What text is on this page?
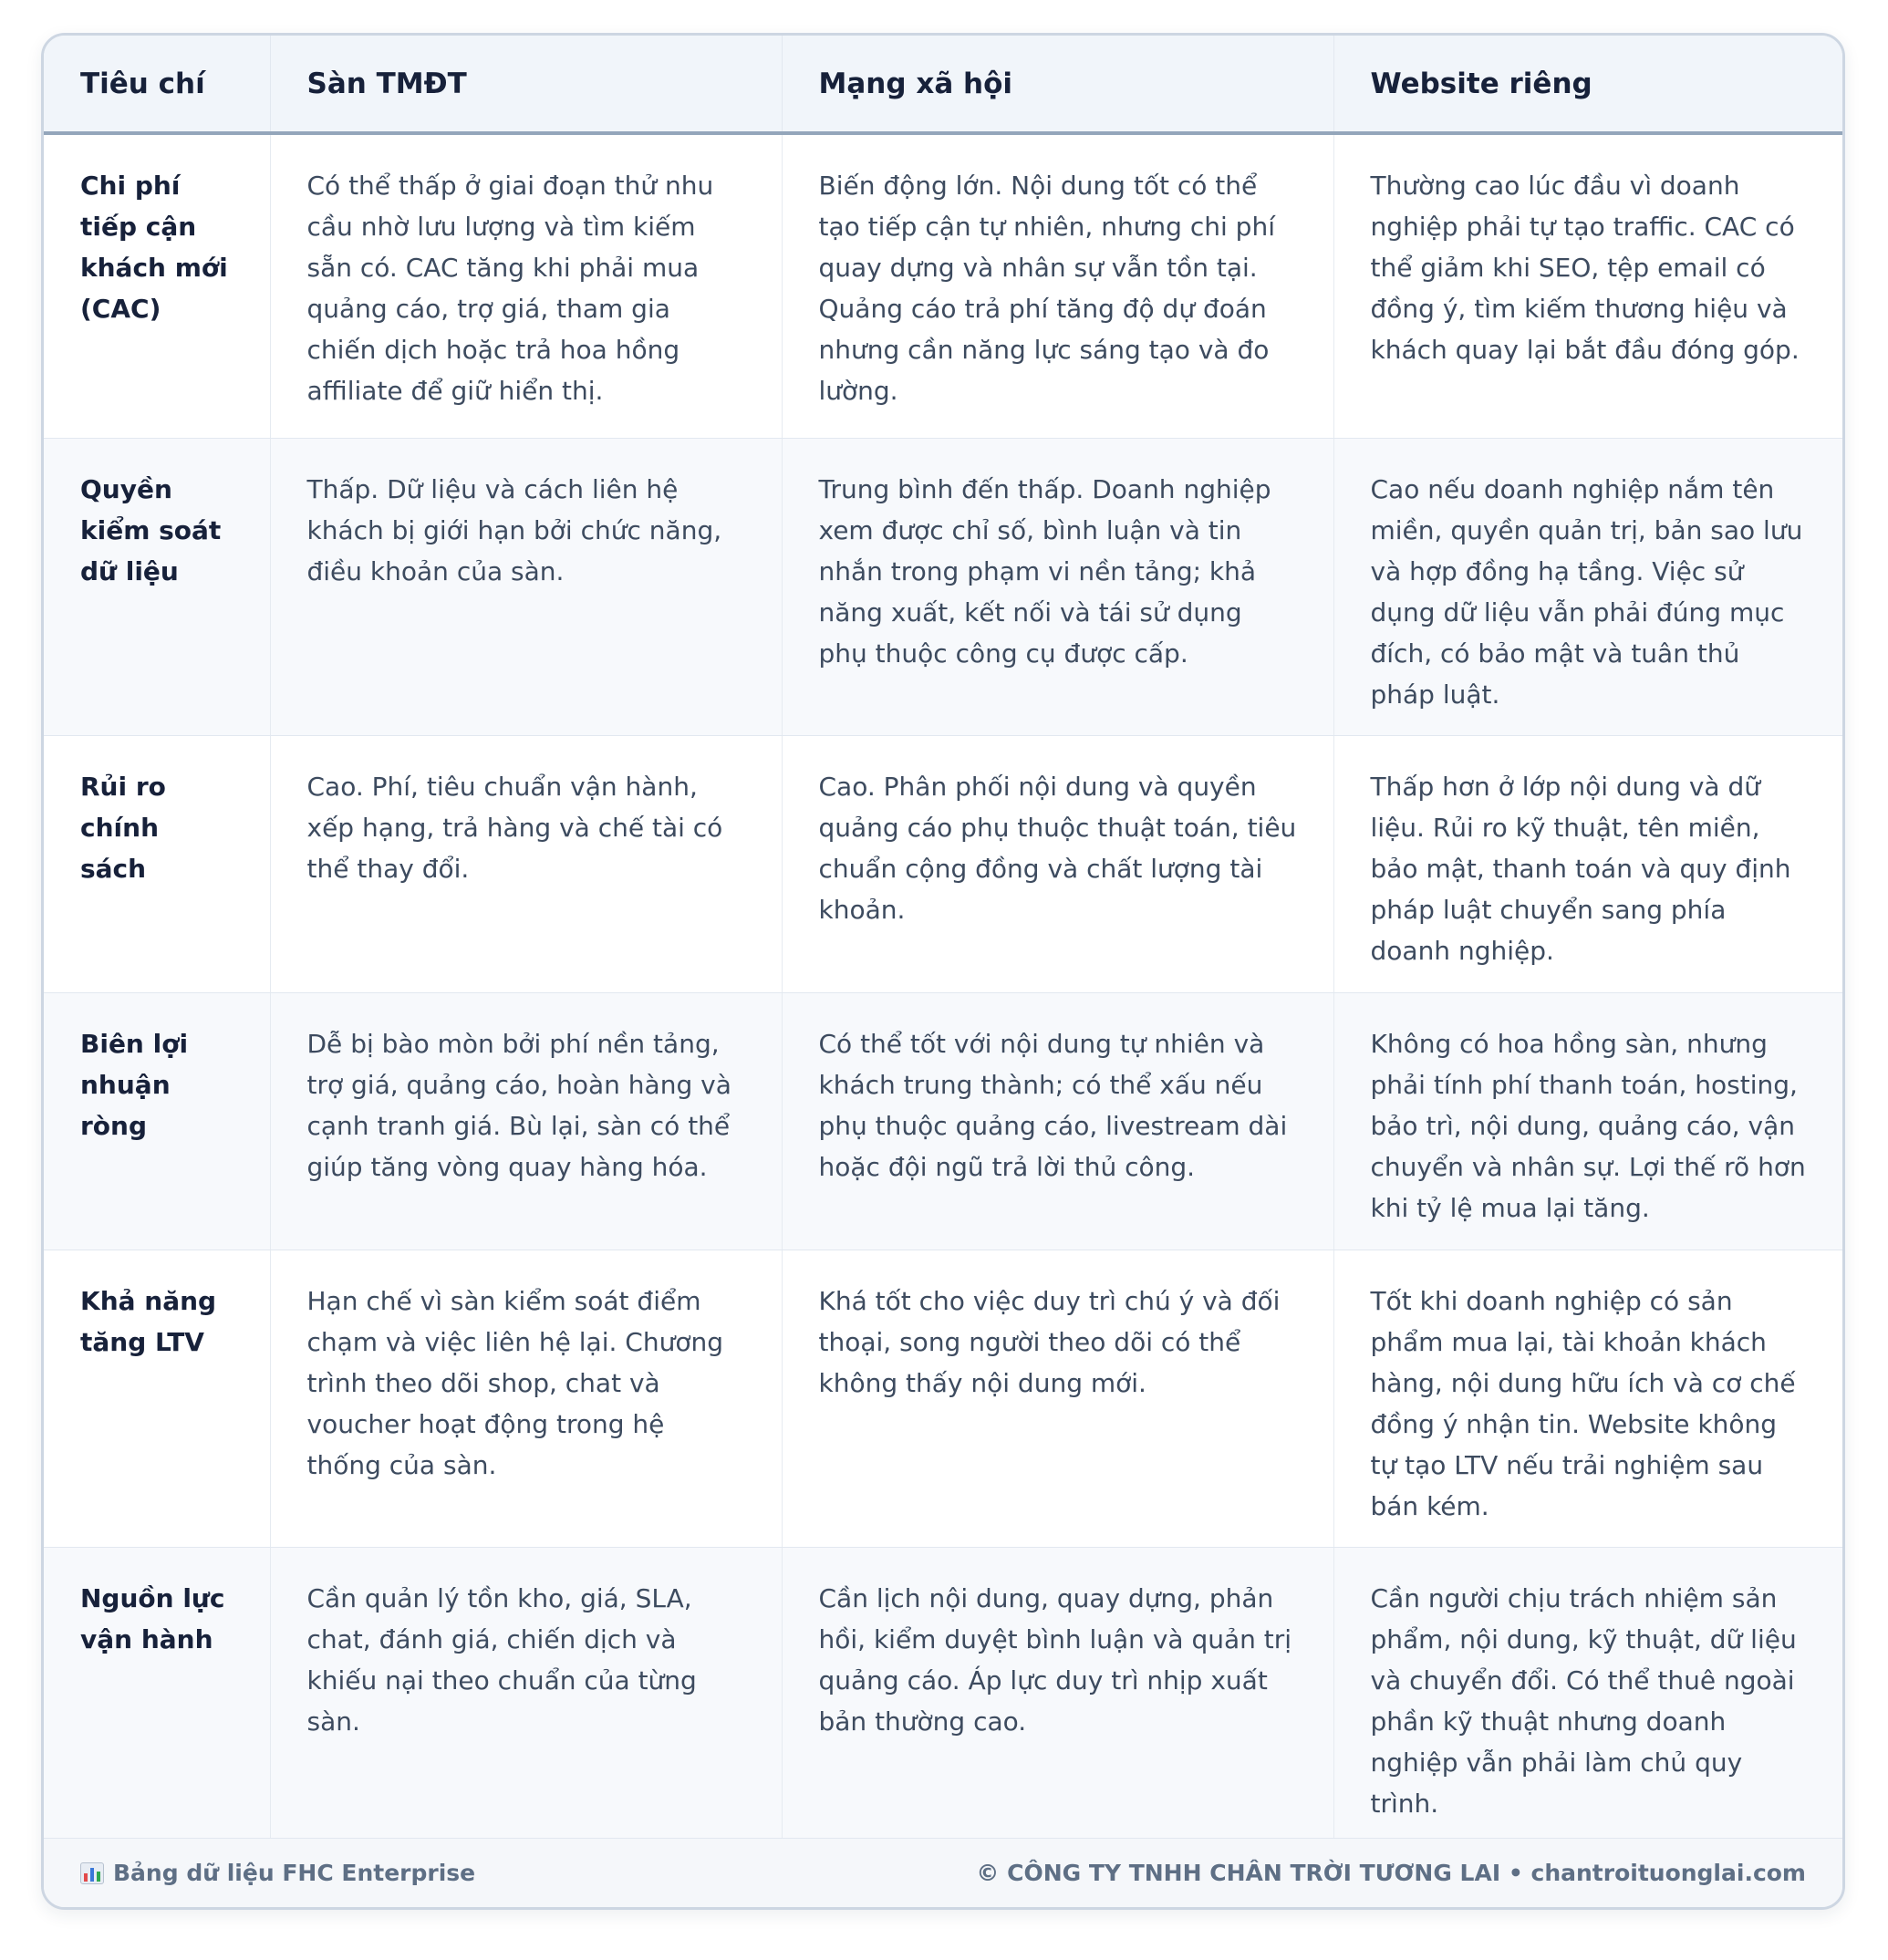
Tiêu chí	Sàn TMĐT	Mạng xã hội	Website riêng
Chi phí tiếp cận khách mới (CAC)	Có thể thấp ở giai đoạn thử nhu cầu nhờ lưu lượng và tìm kiếm sẵn có. CAC tăng khi phải mua quảng cáo, trợ giá, tham gia chiến dịch hoặc trả hoa hồng affiliate để giữ hiển thị.	Biến động lớn. Nội dung tốt có thể tạo tiếp cận tự nhiên, nhưng chi phí quay dựng và nhân sự vẫn tồn tại. Quảng cáo trả phí tăng độ dự đoán nhưng cần năng lực sáng tạo và đo lường.	Thường cao lúc đầu vì doanh nghiệp phải tự tạo traffic. CAC có thể giảm khi SEO, tệp email có đồng ý, tìm kiếm thương hiệu và khách quay lại bắt đầu đóng góp.
Quyền kiểm soát dữ liệu	Thấp. Dữ liệu và cách liên hệ khách bị giới hạn bởi chức năng, điều khoản của sàn.	Trung bình đến thấp. Doanh nghiệp xem được chỉ số, bình luận và tin nhắn trong phạm vi nền tảng; khả năng xuất, kết nối và tái sử dụng phụ thuộc công cụ được cấp.	Cao nếu doanh nghiệp nắm tên miền, quyền quản trị, bản sao lưu và hợp đồng hạ tầng. Việc sử dụng dữ liệu vẫn phải đúng mục đích, có bảo mật và tuân thủ pháp luật.
Rủi ro chính sách	Cao. Phí, tiêu chuẩn vận hành, xếp hạng, trả hàng và chế tài có thể thay đổi.	Cao. Phân phối nội dung và quyền quảng cáo phụ thuộc thuật toán, tiêu chuẩn cộng đồng và chất lượng tài khoản.	Thấp hơn ở lớp nội dung và dữ liệu. Rủi ro kỹ thuật, tên miền, bảo mật, thanh toán và quy định pháp luật chuyển sang phía doanh nghiệp.
Biên lợi nhuận ròng	Dễ bị bào mòn bởi phí nền tảng, trợ giá, quảng cáo, hoàn hàng và cạnh tranh giá. Bù lại, sàn có thể giúp tăng vòng quay hàng hóa.	Có thể tốt với nội dung tự nhiên và khách trung thành; có thể xấu nếu phụ thuộc quảng cáo, livestream dài hoặc đội ngũ trả lời thủ công.	Không có hoa hồng sàn, nhưng phải tính phí thanh toán, hosting, bảo trì, nội dung, quảng cáo, vận chuyển và nhân sự. Lợi thế rõ hơn khi tỷ lệ mua lại tăng.
Khả năng tăng LTV	Hạn chế vì sàn kiểm soát điểm chạm và việc liên hệ lại. Chương trình theo dõi shop, chat và voucher hoạt động trong hệ thống của sàn.	Khá tốt cho việc duy trì chú ý và đối thoại, song người theo dõi có thể không thấy nội dung mới.	Tốt khi doanh nghiệp có sản phẩm mua lại, tài khoản khách hàng, nội dung hữu ích và cơ chế đồng ý nhận tin. Website không tự tạo LTV nếu trải nghiệm sau bán kém.
Nguồn lực vận hành	Cần quản lý tồn kho, giá, SLA, chat, đánh giá, chiến dịch và khiếu nại theo chuẩn của từng sàn.	Cần lịch nội dung, quay dựng, phản hồi, kiểm duyệt bình luận và quản trị quảng cáo. Áp lực duy trì nhịp xuất bản thường cao.	Cần người chịu trách nhiệm sản phẩm, nội dung, kỹ thuật, dữ liệu và chuyển đổi. Có thể thuê ngoài phần kỹ thuật nhưng doanh nghiệp vẫn phải làm chủ quy trình.
Bảng dữ liệu FHC Enterprise	© CÔNG TY TNHH CHÂN TRỜI TƯƠNG LAI • chantroituonglai.com
